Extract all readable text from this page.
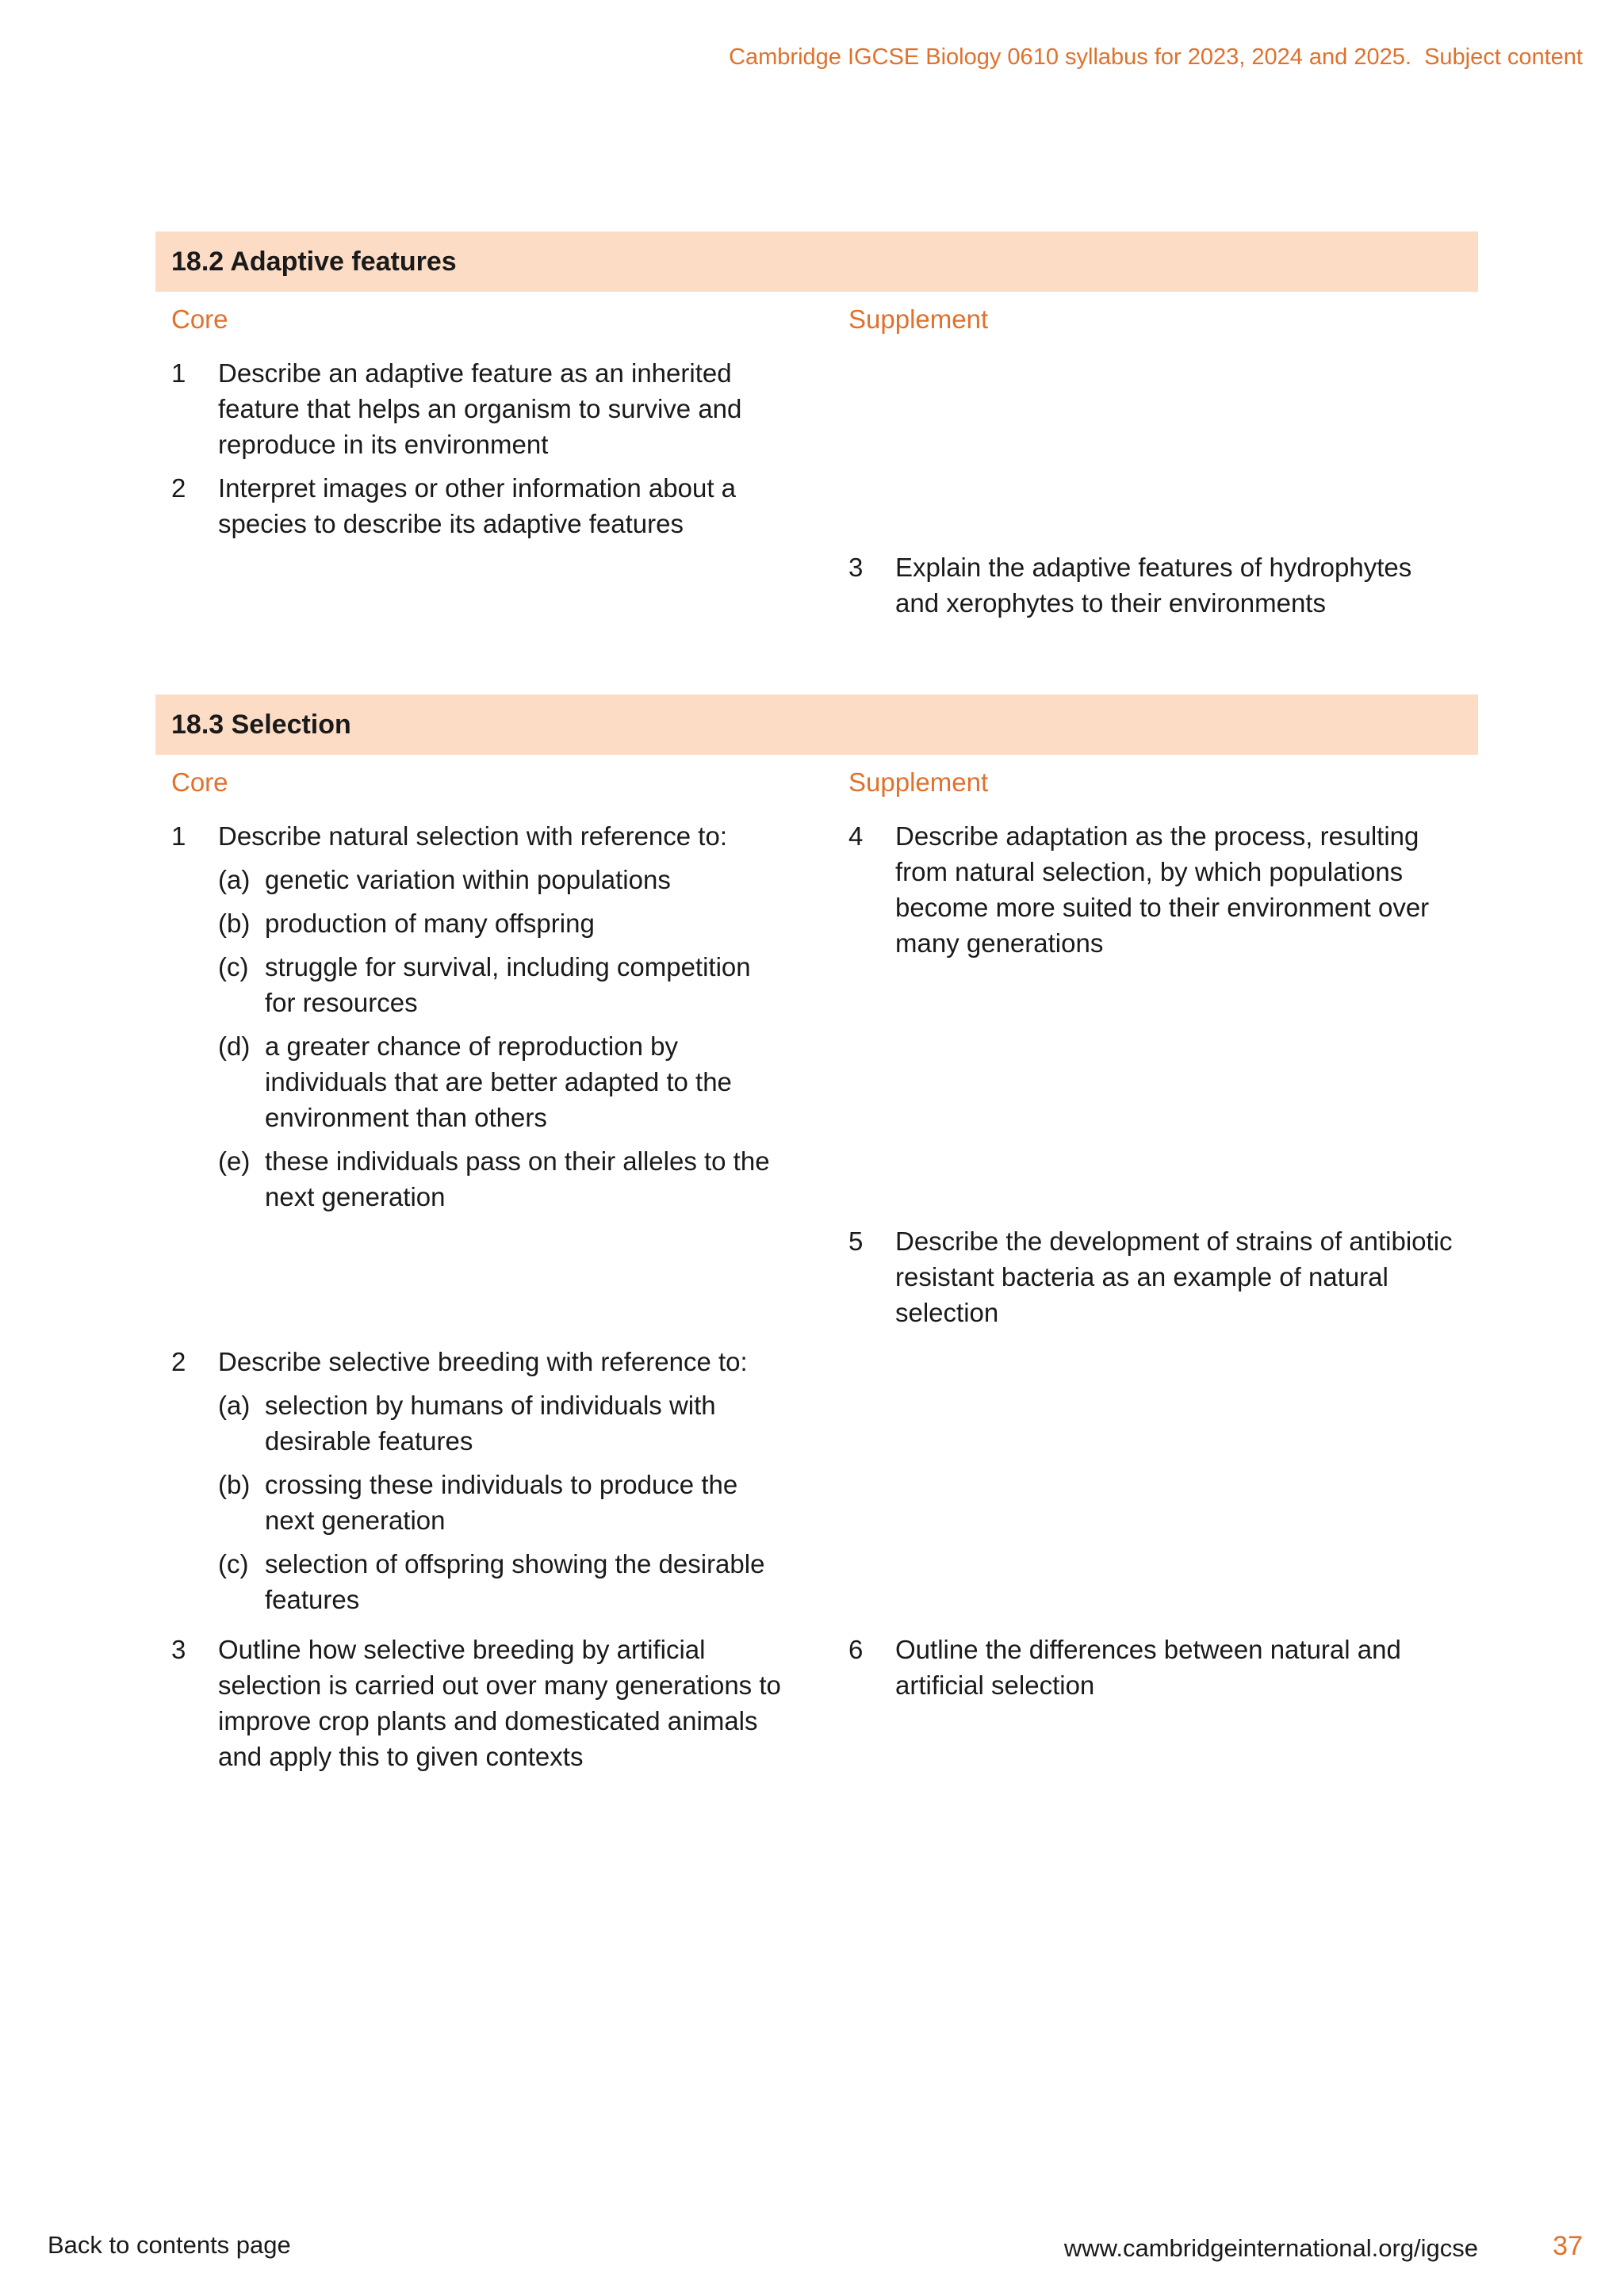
Cambridge IGCSE Biology 0610 syllabus for 2023, 2024 and 2025. Subject content
18.2 Adaptive features
Core	Supplement
1 Describe an adaptive feature as an inherited feature that helps an organism to survive and reproduce in its environment
2 Interpret images or other information about a species to describe its adaptive features
3 Explain the adaptive features of hydrophytes and xerophytes to their environments
18.3 Selection
Core	Supplement
1 Describe natural selection with reference to:
(a) genetic variation within populations
(b) production of many offspring
(c) struggle for survival, including competition for resources
(d) a greater chance of reproduction by individuals that are better adapted to the environment than others
(e) these individuals pass on their alleles to the next generation
2 Describe selective breeding with reference to:
(a) selection by humans of individuals with desirable features
(b) crossing these individuals to produce the next generation
(c) selection of offspring showing the desirable features
3 Outline how selective breeding by artificial selection is carried out over many generations to improve crop plants and domesticated animals and apply this to given contexts
4 Describe adaptation as the process, resulting from natural selection, by which populations become more suited to their environment over many generations
5 Describe the development of strains of antibiotic resistant bacteria as an example of natural selection
6 Outline the differences between natural and artificial selection
Back to contents page	www.cambridgeinternational.org/igcse	37
